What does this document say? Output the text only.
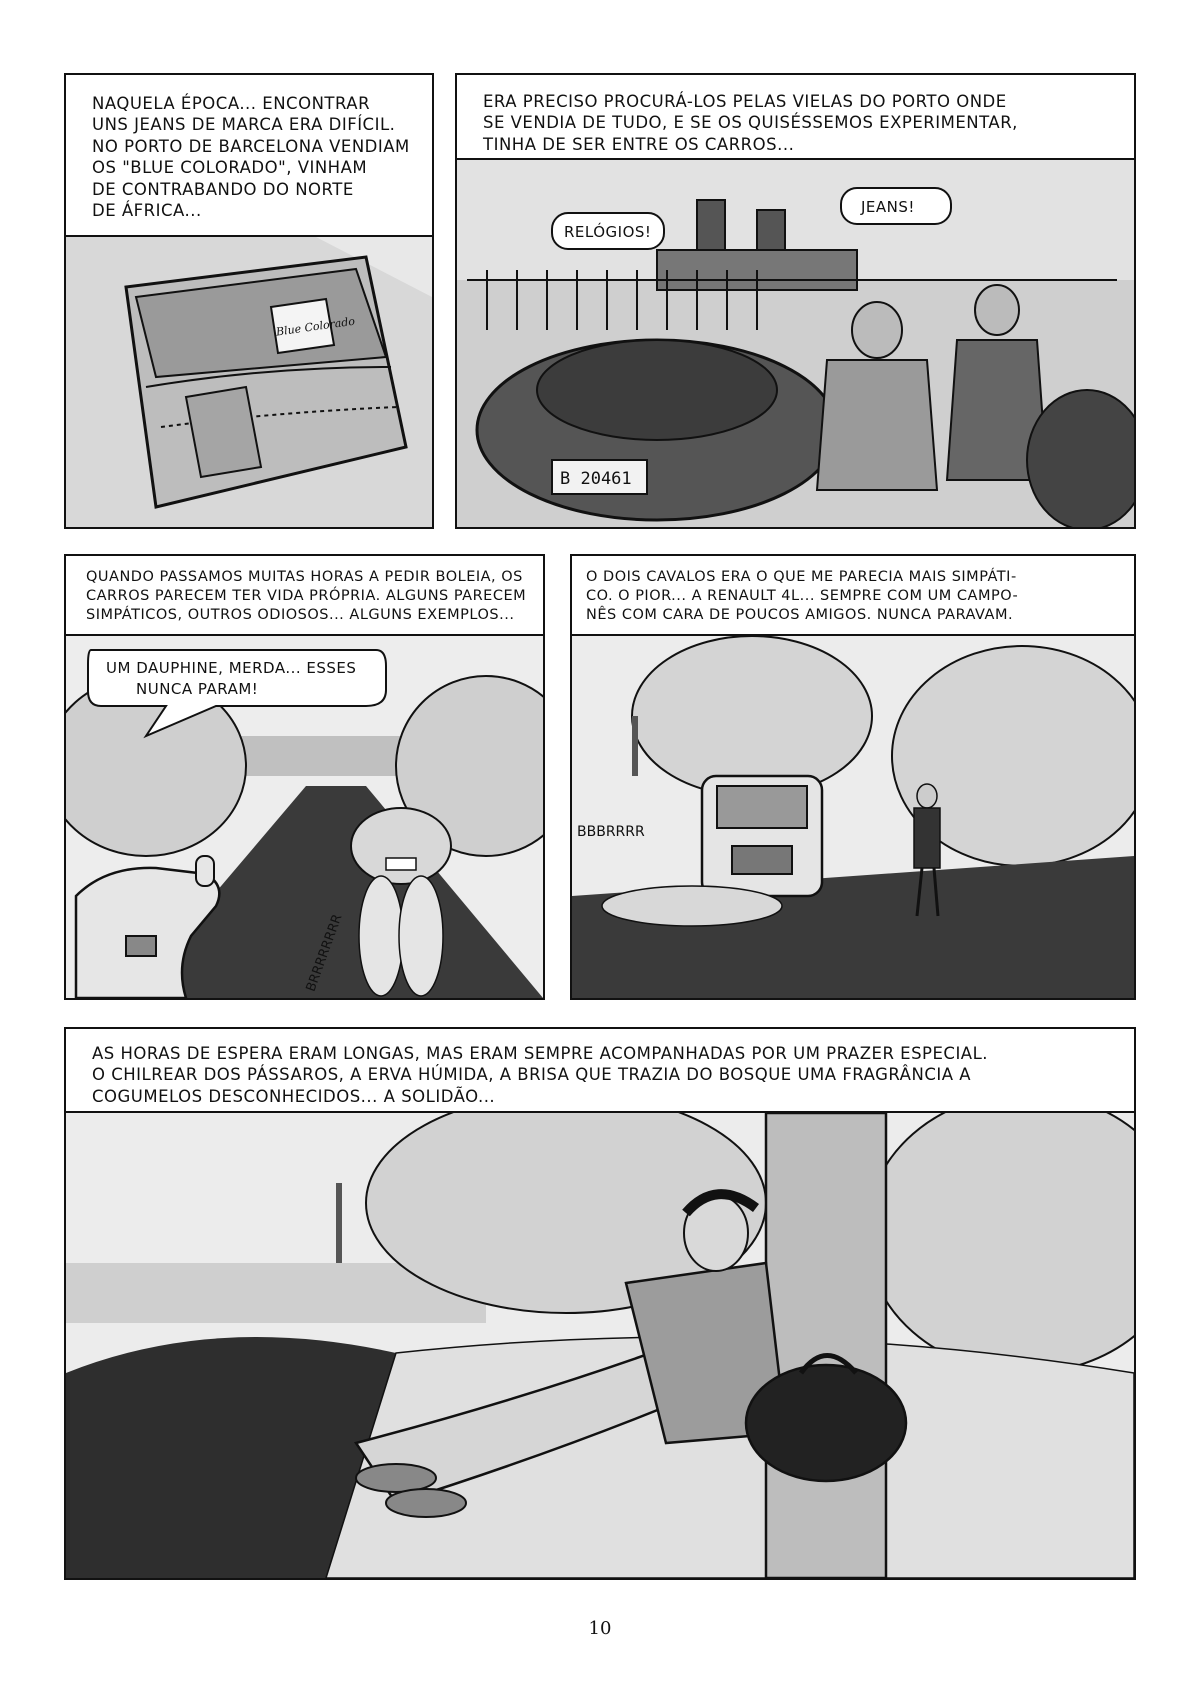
NAQUELA ÉPOCA... ENCONTRAR
UNS JEANS DE MARCA ERA DIFÍCIL.
NO PORTO DE BARCELONA VENDIAM
OS "BLUE COLORADO", VINHAM
DE CONTRABANDO DO NORTE
DE ÁFRICA...
Blue Colorado
ERA PRECISO PROCURÁ-LOS PELAS VIELAS DO PORTO ONDE
SE VENDIA DE TUDO, E SE OS QUISÉSSEMOS EXPERIMENTAR,
TINHA DE SER ENTRE OS CARROS...
B 20461
RELÓGIOS!
JEANS!
QUANDO PASSAMOS MUITAS HORAS A PEDIR BOLEIA, OS
CARROS PARECEM TER VIDA PRÓPRIA. ALGUNS PARECEM
SIMPÁTICOS, OUTROS ODIOSOS... ALGUNS EXEMPLOS...
BRRRRRRRR
UM DAUPHINE, MERDA... ESSES
NUNCA PARAM!
O DOIS CAVALOS ERA O QUE ME PARECIA MAIS SIMPÁTI-
CO. O PIOR... A RENAULT 4L... SEMPRE COM UM CAMPO-
NÊS COM CARA DE POUCOS AMIGOS. NUNCA PARAVAM.
BBBRRRR
AS HORAS DE ESPERA ERAM LONGAS, MAS ERAM SEMPRE ACOMPANHADAS POR UM PRAZER ESPECIAL.
O CHILREAR DOS PÁSSAROS, A ERVA HÚMIDA, A BRISA QUE TRAZIA DO BOSQUE UMA FRAGRÂNCIA A
COGUMELOS DESCONHECIDOS... A SOLIDÃO...
10
